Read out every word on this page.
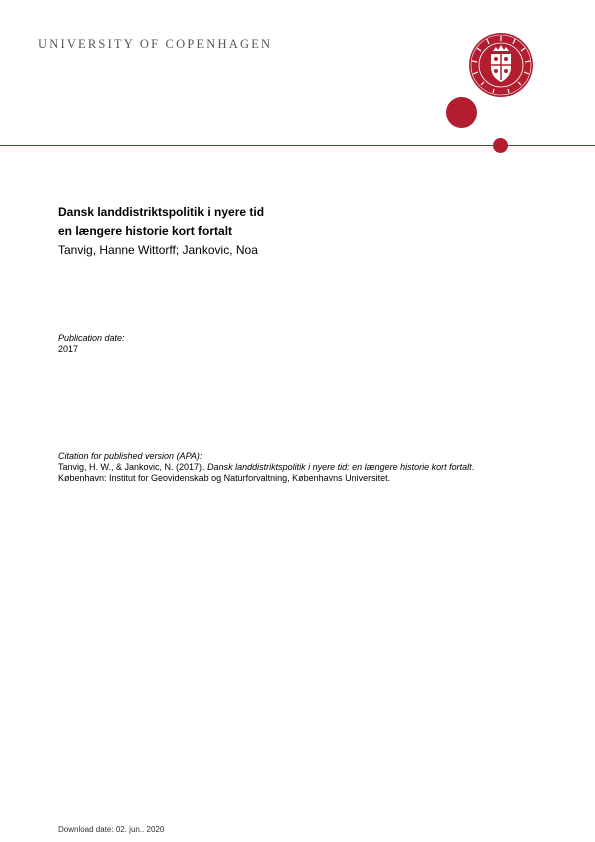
UNIVERSITY OF COPENHAGEN
Dansk landdistriktspolitik i nyere tid
en længere historie kort fortalt
Tanvig, Hanne Wittorff; Jankovic, Noa
Publication date:
2017
Citation for published version (APA):
Tanvig, H. W., & Jankovic, N. (2017). Dansk landdistriktspolitik i nyere tid: en længere historie kort fortalt.
København: Institut for Geovidenskab og Naturforvaltning, Københavns Universitet.
Download date: 02. jun.. 2020
